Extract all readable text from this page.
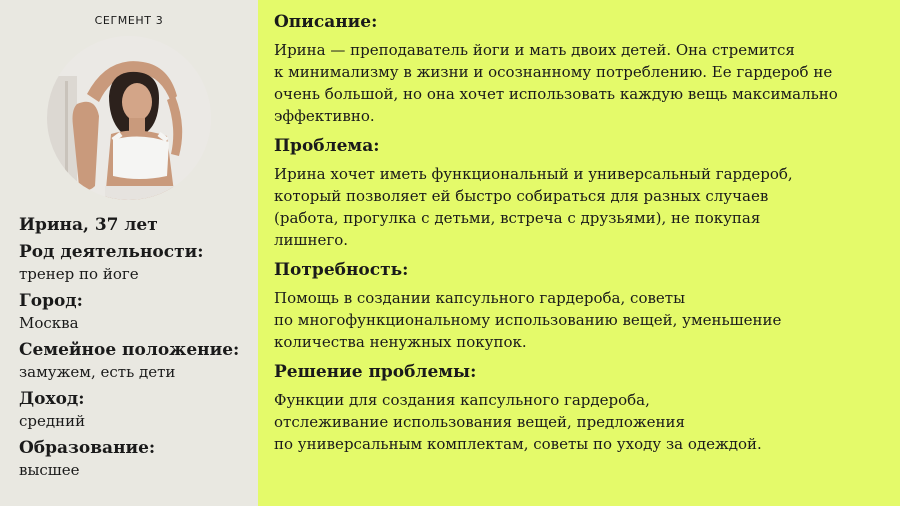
СЕГМЕНТ 3
Ирина, 37 лет
Род деятельности:
тренер по йоге
Город:
Москва
Семейное положение:
замужем, есть дети
Доход:
средний
Образование:
высшее
Описание:
Ирина — преподаватель йоги и мать двоих детей. Она стремится
к минимализму в жизни и осознанному потреблению. Ее гардероб не
очень большой, но она хочет использовать каждую вещь максимально
эффективно.
Проблема:
Ирина хочет иметь функциональный и универсальный гардероб,
который позволяет ей быстро собираться для разных случаев
(работа, прогулка с детьми, встреча с друзьями), не покупая
лишнего.
Потребность:
Помощь в создании капсульного гардероба, советы
по многофункциональному использованию вещей, уменьшение
количества ненужных покупок.
Решение проблемы:
Функции для создания капсульного гардероба,
отслеживание использования вещей, предложения
по универсальным комплектам, советы по уходу за одеждой.
